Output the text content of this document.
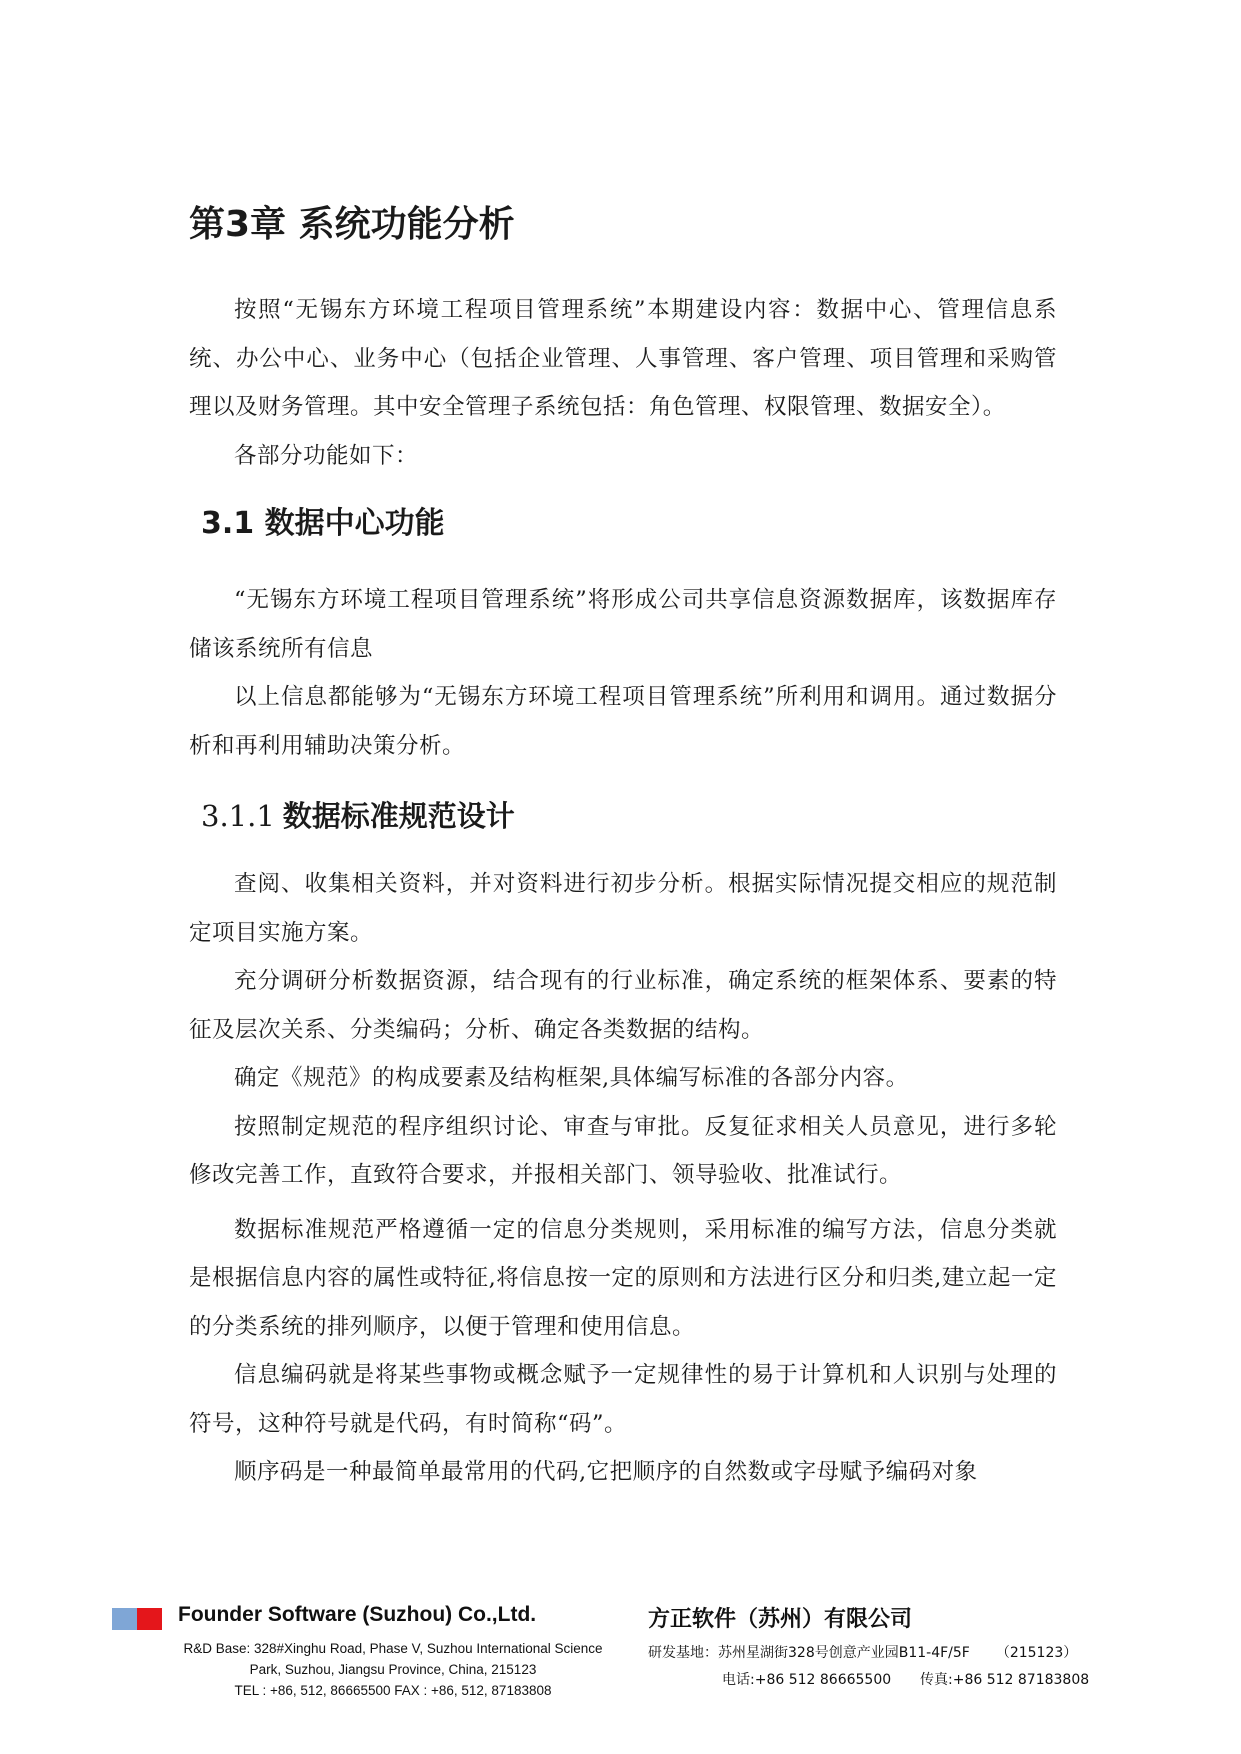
第3章 系统功能分析

按照“无锡东方环境工程项目管理系统”本期建设内容：数据中心、管理信息系统、办公中心、业务中心（包括企业管理、人事管理、客户管理、项目管理和采购管理以及财务管理。其中安全管理子系统包括：角色管理、权限管理、数据安全）。

各部分功能如下：

3.1 数据中心功能

“无锡东方环境工程项目管理系统”将形成公司共享信息资源数据库，该数据库存储该系统所有信息

以上信息都能够为“无锡东方环境工程项目管理系统”所利用和调用。通过数据分析和再利用辅助决策分析。

3.1.1 数据标准规范设计

查阅、收集相关资料，并对资料进行初步分析。根据实际情况提交相应的规范制定项目实施方案。

充分调研分析数据资源，结合现有的行业标准，确定系统的框架体系、要素的特征及层次关系、分类编码；分析、确定各类数据的结构。

确定《规范》的构成要素及结构框架,具体编写标准的各部分内容。

按照制定规范的程序组织讨论、审查与审批。反复征求相关人员意见，进行多轮修改完善工作，直致符合要求，并报相关部门、领导验收、批准试行。

数据标准规范严格遵循一定的信息分类规则，采用标准的编写方法，信息分类就是根据信息内容的属性或特征,将信息按一定的原则和方法进行区分和归类,建立起一定的分类系统的排列顺序，以便于管理和使用信息。

信息编码就是将某些事物或概念赋予一定规律性的易于计算机和人识别与处理的符号，这种符号就是代码，有时简称“码”。

顺序码是一种最简单最常用的代码,它把顺序的自然数或字母赋予编码对象

Founder Software (Suzhou) Co.,Ltd.
R&D Base: 328#Xinghu Road, Phase V, Suzhou International Science
Park, Suzhou, Jiangsu Province, China, 215123
TEL : +86, 512, 86665500 FAX : +86, 512, 87183808
方正软件（苏州）有限公司
研发基地：苏州星湖街328号创意产业园B11-4F/5F （215123）
电话:+86 512 86665500 传真:+86 512 87183808
